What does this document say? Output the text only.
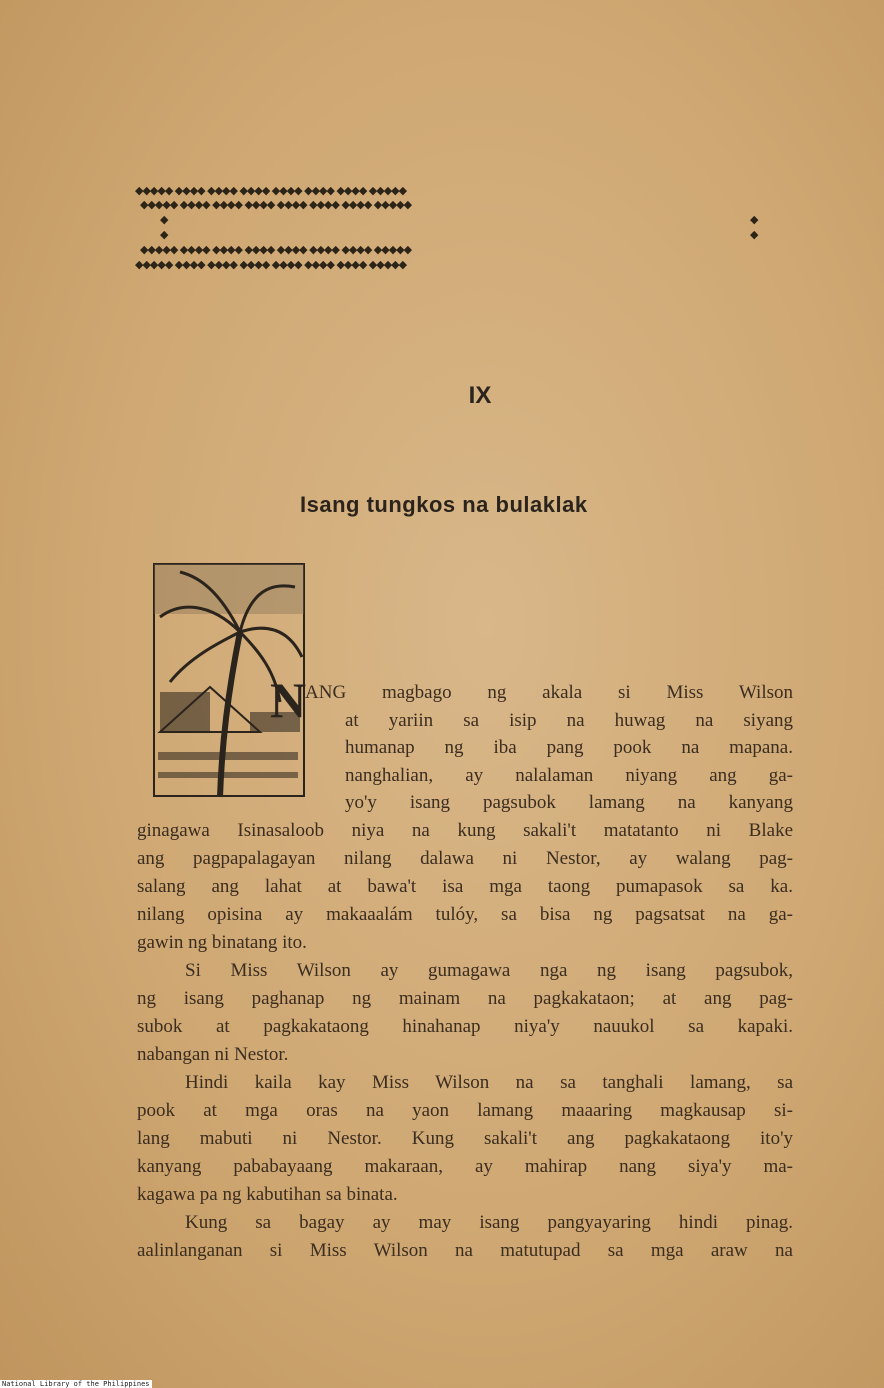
◆◆◆◆◆ ◆◆◆◆ ◆◆◆◆ ◆◆◆◆ ◆◆◆◆ ◆◆◆◆ ◆◆◆◆ ◆◆◆◆◆
◆◆◆◆◆ ◆◆◆◆ ◆◆◆◆ ◆◆◆◆ ◆◆◆◆ ◆◆◆◆ ◆◆◆◆ ◆◆◆◆◆
◆
◆
◆
◆
◆◆◆◆◆ ◆◆◆◆ ◆◆◆◆ ◆◆◆◆ ◆◆◆◆ ◆◆◆◆ ◆◆◆◆ ◆◆◆◆◆
◆◆◆◆◆ ◆◆◆◆ ◆◆◆◆ ◆◆◆◆ ◆◆◆◆ ◆◆◆◆ ◆◆◆◆ ◆◆◆◆◆
IX
Isang tungkos na bulaklak
N
ANG magbago ng akala si Miss Wilson
at yariin sa isip na huwag na siyang
humanap ng iba pang pook na mapana.
nanghalian, ay nalalaman niyang ang ga-
yo'y isang pagsubok lamang na kanyang
ginagawa Isinasaloob niya na kung sakali't matatanto ni Blake
ang pagpapalagayan nilang dalawa ni Nestor, ay walang pag-
salang ang lahat at bawa't isa mga taong pumapasok sa ka.
nilang opisina ay makaaalám tulóy, sa bisa ng pagsatsat na ga-
gawin ng binatang ito.
Si Miss Wilson ay gumagawa nga ng isang pagsubok,
ng isang paghanap ng mainam na pagkakataon; at ang pag-
subok at pagkakataong hinahanap niya'y nauukol sa kapaki.
nabangan ni Nestor.
Hindi kaila kay Miss Wilson na sa tanghali lamang, sa
pook at mga oras na yaon lamang maaaring magkausap si-
lang mabuti ni Nestor. Kung sakali't ang pagkakataong ito'y
kanyang pababayaang makaraan, ay mahirap nang siya'y ma-
kagawa pa ng kabutihan sa binata.
Kung sa bagay ay may isang pangyayaring hindi pinag.
aalinlanganan si Miss Wilson na matutupad sa mga araw na
National Library of the Philippines
